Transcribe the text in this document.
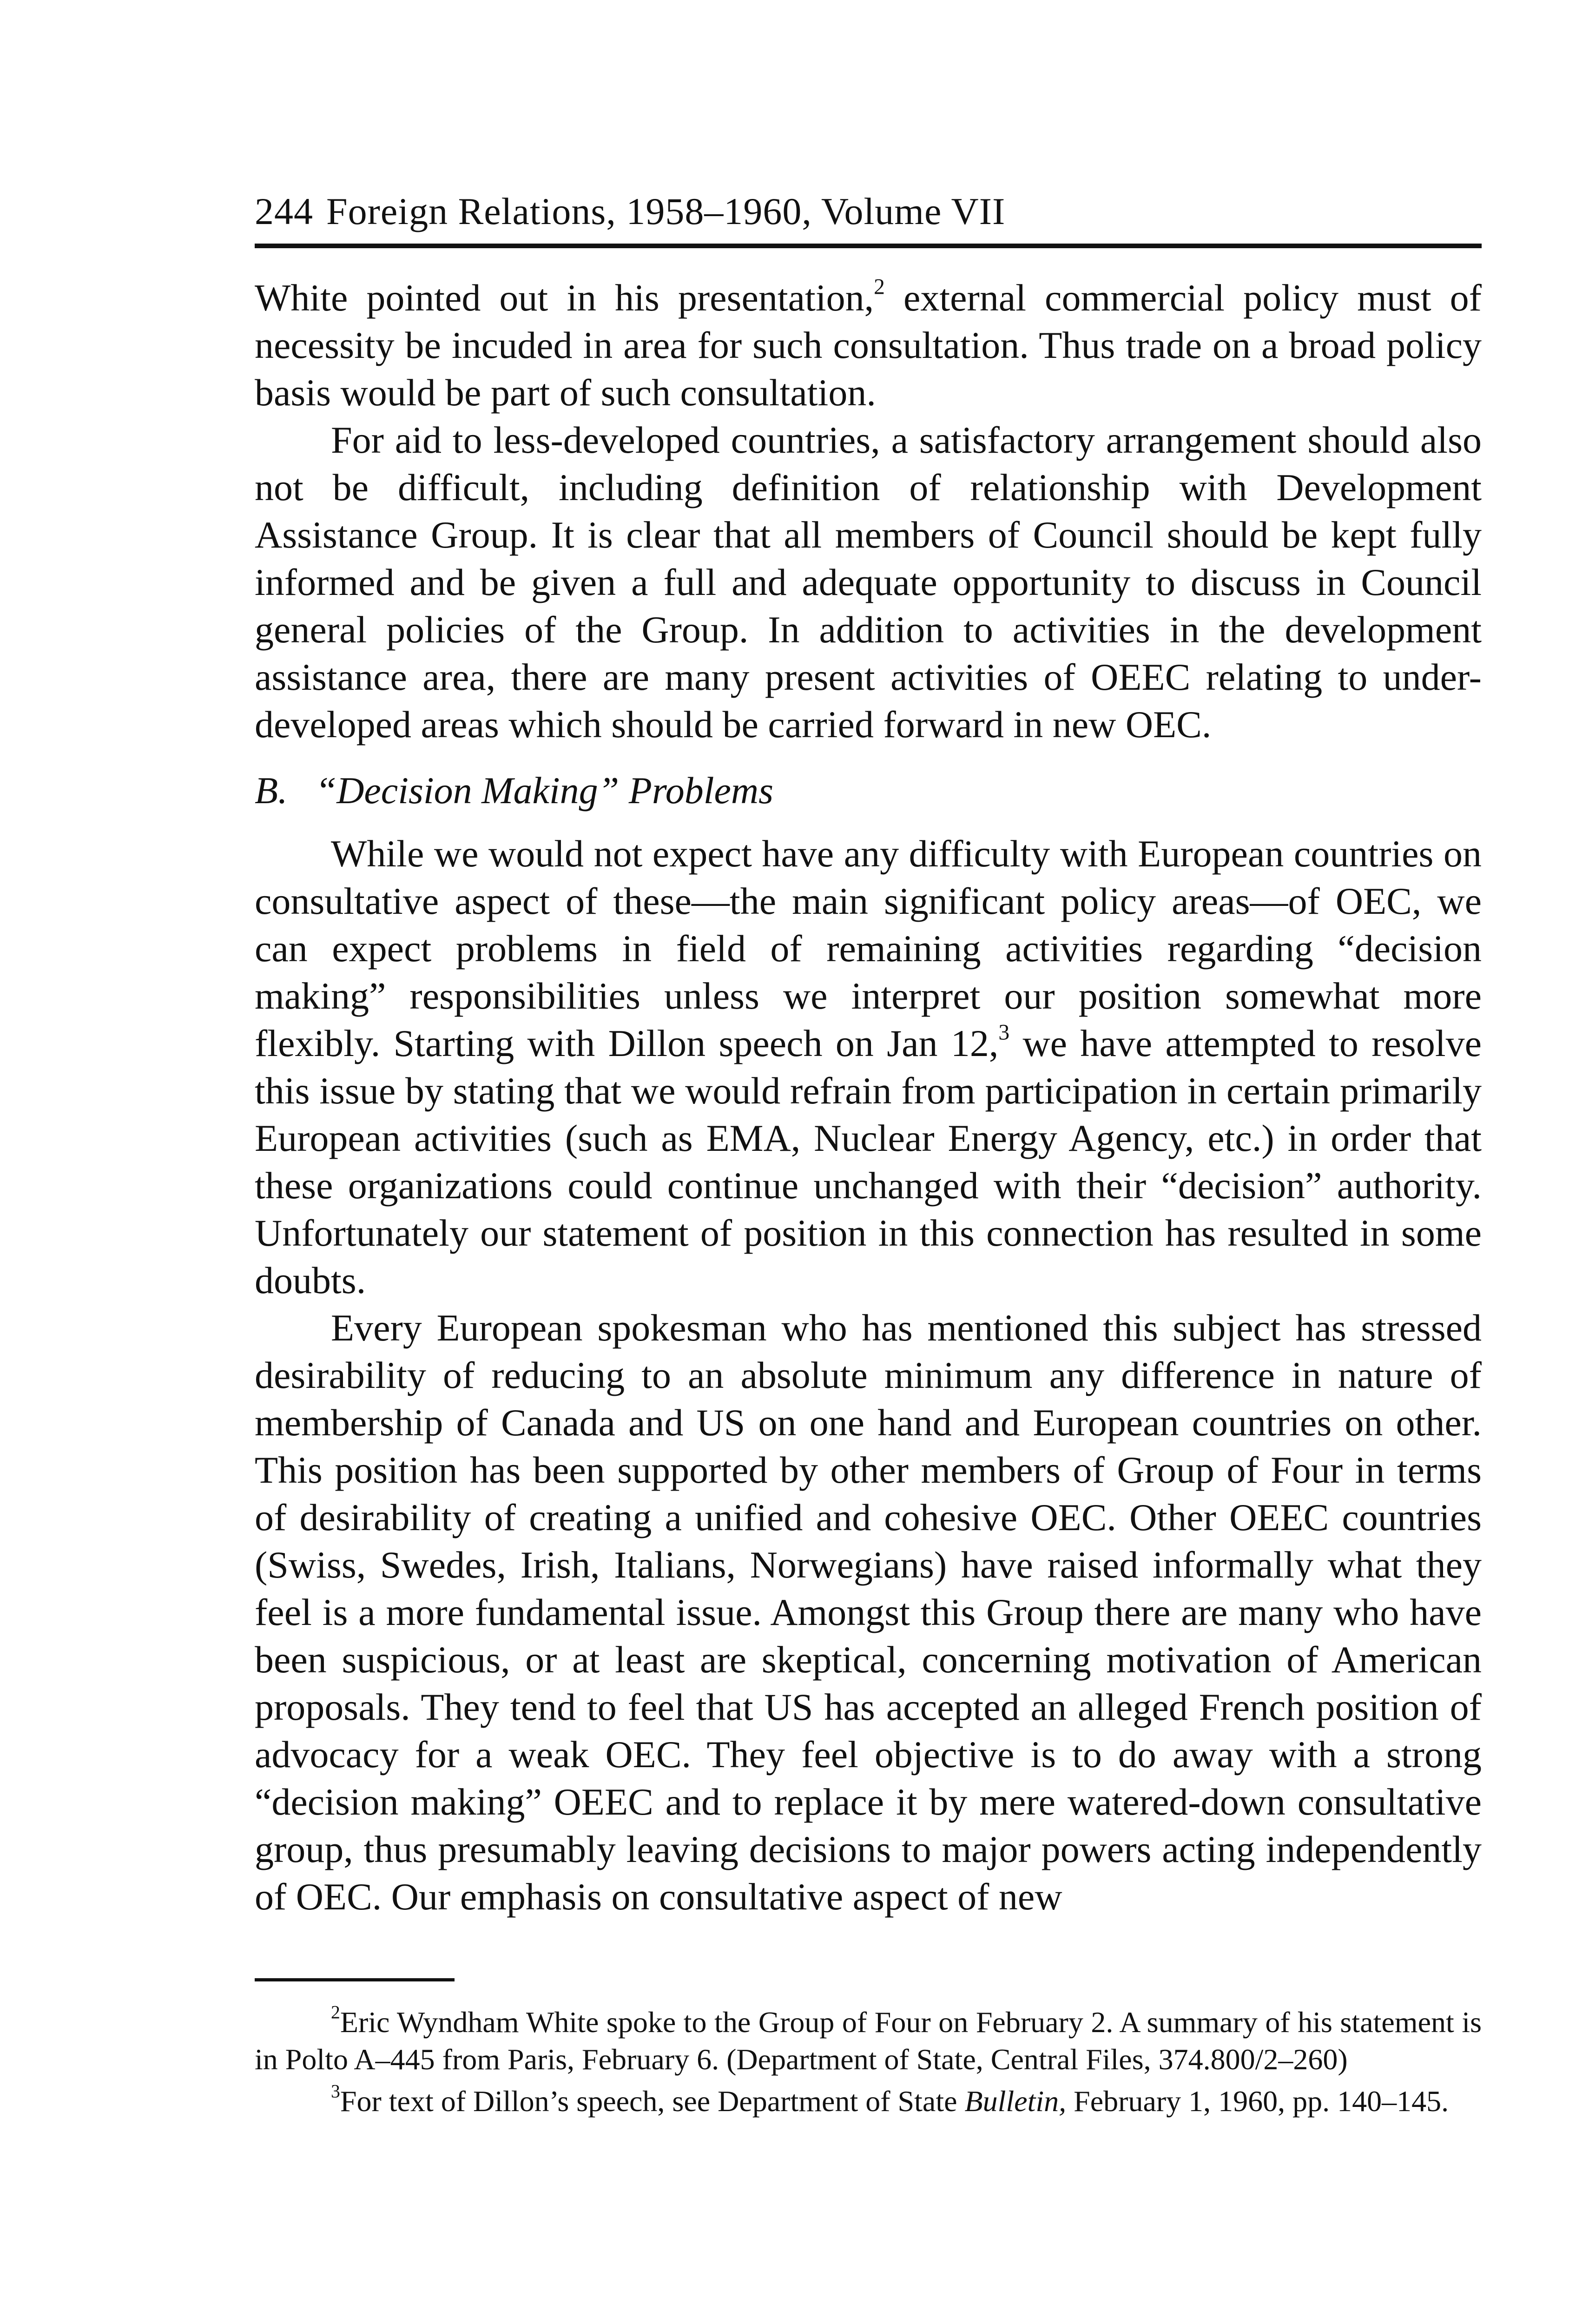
244 Foreign Relations, 1958–1960, Volume VII

White pointed out in his presentation,$^2$ external commercial policy must of necessity be incuded in area for such consultation. Thus trade on a broad policy basis would be part of such consultation.

For aid to less-developed countries, a satisfactory arrangement should also not be difficult, including definition of relationship with Development Assistance Group. It is clear that all members of Council should be kept fully informed and be given a full and adequate opportunity to discuss in Council general policies of the Group. In addition to activities in the development assistance area, there are many present activities of OEEC relating to under-developed areas which should be carried forward in new OEC.

B. “Decision Making” Problems

While we would not expect have any difficulty with European countries on consultative aspect of these—the main significant policy areas—of OEC, we can expect problems in field of remaining activities regarding “decision making” responsibilities unless we interpret our position somewhat more flexibly. Starting with Dillon speech on Jan 12,$^3$ we have attempted to resolve this issue by stating that we would refrain from participation in certain primarily European activities (such as EMA, Nuclear Energy Agency, etc.) in order that these organizations could continue unchanged with their “decision” authority. Unfortunately our statement of position in this connection has resulted in some doubts.

Every European spokesman who has mentioned this subject has stressed desirability of reducing to an absolute minimum any difference in nature of membership of Canada and US on one hand and European countries on other. This position has been supported by other members of Group of Four in terms of desirability of creating a unified and cohesive OEC. Other OEEC countries (Swiss, Swedes, Irish, Italians, Norwegians) have raised informally what they feel is a more fundamental issue. Amongst this Group there are many who have been suspicious, or at least are skeptical, concerning motivation of American proposals. They tend to feel that US has accepted an alleged French position of advocacy for a weak OEC. They feel objective is to do away with a strong “decision making” OEEC and to replace it by mere watered-down consultative group, thus presumably leaving decisions to major powers acting independently of OEC. Our emphasis on consultative aspect of new

$^2$Eric Wyndham White spoke to the Group of Four on February 2. A summary of his statement is in Polto A–445 from Paris, February 6. (Department of State, Central Files, 374.800/2–260)

$^3$For text of Dillon’s speech, see Department of State Bulletin, February 1, 1960, pp. 140–145.
